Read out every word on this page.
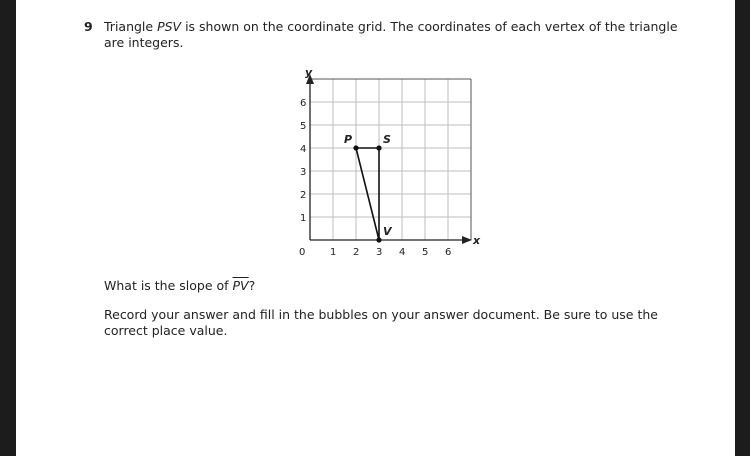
9 Triangle PSV is shown on the coordinate grid. The coordinates of each vertex of the triangle
are integers.
y
x
0 1 2 3 4 5 6
1
2
3
4
5
6
P	S
V
What is the slope of $\overline{PV}$?
Record your answer and fill in the bubbles on your answer document. Be sure to use the
correct place value.
